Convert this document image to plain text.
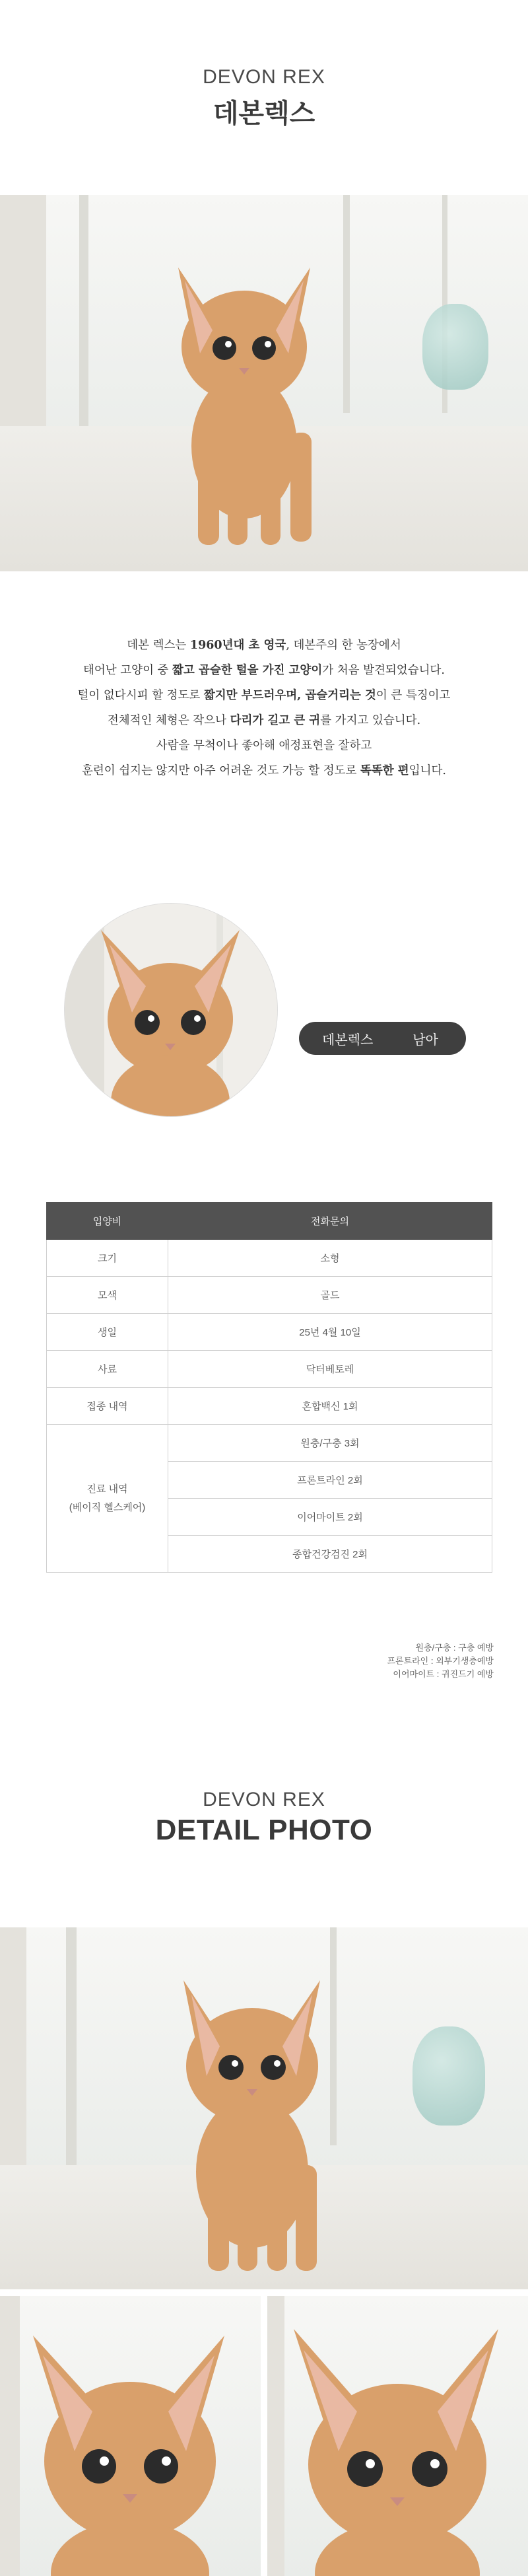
DEVON REX
데본렉스
데본 렉스는 1960년대 초 영국, 데본주의 한 농장에서
태어난 고양이 중 짧고 곱슬한 털을 가진 고양이가 처음 발견되었습니다.
털이 없다시피 할 정도로 짧지만 부드러우며, 곱슬거리는 것이 큰 특징이고
전체적인 체형은 작으나 다리가 길고 큰 귀를 가지고 있습니다.
사람을 무척이나 좋아해 애정표현을 잘하고
훈련이 쉽지는 않지만 아주 어려운 것도 가능 할 정도로 똑똑한 편입니다.
데본렉스	남아
입양비	전화문의
크기	소형
모색	골드
생일	25년 4월 10일
사료	닥터베토레
접종 내역	혼합백신 1회

진료 내역
(베이직 헬스케어)	원충/구충 3회
	프론트라인 2회
	이어마이트 2회
	종합건강검진 2회
원충/구충 : 구충 예방
프론트라인 : 외부기생충예방
이어마이트 : 귀진드기 예방
DEVON REX
DETAIL PHOTO
